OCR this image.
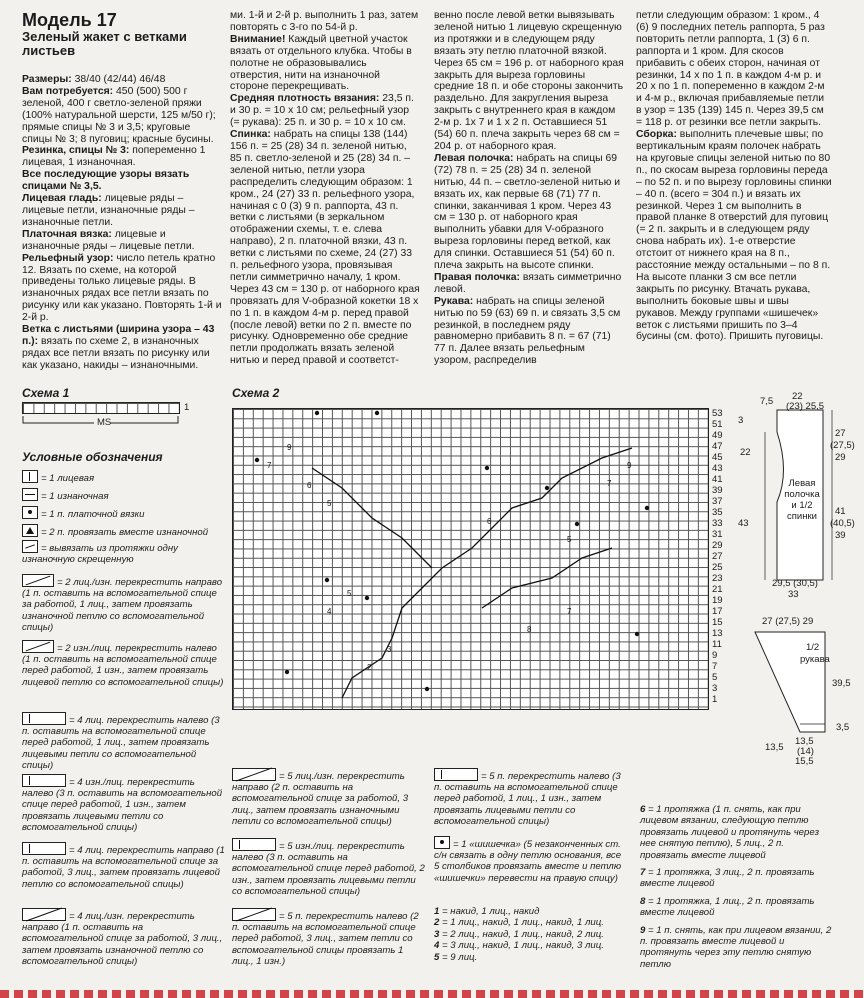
Модель 17
Зеленый жакет с ветками листьев

Размеры: 38/40 (42/44) 46/48

Вам потребуется: 450 (500) 500 г зеленой, 400 г светло-зеленой пряжи (100% натуральной шерсти, 125 м/50 г); прямые спицы № 3 и 3,5; круговые спицы № 3; 8 пуговиц; красные бусины.

Резинка, спицы № 3: попеременно 1 лицевая, 1 изнаночная.

Все последующие узоры вязать спицами № 3,5.

Лицевая гладь: лицевые ряды – лицевые петли, изнаночные ряды – изнаночные петли.

Платочная вязка: лицевые и изнаночные ряды – лицевые петли.

Рельефный узор: число петель кратно 12. Вязать по схеме, на которой приведены только лицевые ряды. В изнаночных рядах все петли вязать по рисунку или как указано. Повторять 1-й и 2-й р.

Ветка с листьями (ширина узора – 43 п.): вязать по схеме 2, в изнаночных рядах все петли вязать по рисунку или как указано, накиды – изнаночными.

ми. 1-й и 2-й р. выполнить 1 раз, затем повторять с 3-го по 54-й р.

Внимание! Каждый цветной участок вязать от отдельного клубка. Чтобы в полотне не образовывались отверстия, нити на изнаночной стороне перекрещивать.

Средняя плотность вязания: 23,5 п. и 30 р. = 10 x 10 см; рельефный узор (= рукава): 25 п. и 30 р. = 10 x 10 см.

Спинка: набрать на спицы 138 (144) 156 п. = 25 (28) 34 п. зеленой нитью, 85 п. светло-зеленой и 25 (28) 34 п. – зеленой нитью, петли узора распределить следующим образом: 1 кром., 24 (27) 33 п. рельефного узора, начиная с 0 (3) 9 п. раппорта, 43 п. ветки с листьями (в зеркальном отображении схемы, т. е. слева направо), 2 п. платочной вязки, 43 п. ветки с листьями по схеме, 24 (27) 33 п. рельефного узора, провязывая петли симметрично началу, 1 кром. Через 43 см = 130 р. от наборного края провязать для V-образной кокетки 18 x по 1 п. в каждом 4-м р. перед правой (после левой) ветки по 2 п. вместе по рисунку. Одновременно обе средние петли продолжать вязать зеленой нитью и перед правой и соответст-

венно после левой ветки вывязывать зеленой нитью 1 лицевую скрещенную из протяжки и в следующем ряду вязать эту петлю платочной вязкой. Через 65 см = 196 р. от наборного края закрыть для выреза горловины средние 18 п. и обе стороны закончить раздельно. Для закругления выреза закрыть с внутреннего края в каждом 2-м р. 1x 7 и 1 x 2 п. Оставшиеся 51 (54) 60 п. плеча закрыть через 68 см = 204 р. от наборного края.

Левая полочка: набрать на спицы 69 (72) 78 п. = 25 (28) 34 п. зеленой нитью, 44 п. – светло-зеленой нитью и вязать их, как первые 68 (71) 77 п. спинки, заканчивая 1 кром. Через 43 см = 130 р. от наборного края выполнить убавки для V-образного выреза горловины перед веткой, как для спинки. Оставшиеся 51 (54) 60 п. плеча закрыть на высоте спинки.

Правая полочка: вязать симметрично левой.

Рукава: набрать на спицы зеленой нитью по 59 (63) 69 п. и связать 3,5 см резинкой, в последнем ряду равномерно прибавить 8 п. = 67 (71) 77 п. Далее вязать рельефным узором, распределив

петли следующим образом: 1 кром., 4 (6) 9 последних петель раппорта, 5 раз повторить петли раппорта, 1 (3) 6 п. раппорта и 1 кром. Для скосов прибавить с обеих сторон, начиная от резинки, 14 x по 1 п. в каждом 4-м р. и 20 x по 1 п. попеременно в каждом 2-м и 4-м р., включая прибавляемые петли в узор = 135 (139) 145 п. Через 39,5 см = 118 р. от резинки все петли закрыть.

Сборка: выполнить плечевые швы; по вертикальным краям полочек набрать на круговые спицы зеленой нитью по 80 п., по скосам выреза горловины переда – по 52 п. и по вырезу горловины спинки – 40 п. (всего = 304 п.) и вязать их резинкой. Через 1 см выполнить в правой планке 8 отверстий для пуговиц (= 2 п. закрыть и в следующем ряду снова набрать их). 1-е отверстие отстоит от нижнего края на 8 п., расстояние между остальными – по 8 п. На высоте планки 3 см все петли закрыть по рисунку. Втачать рукава, выполнить боковые швы и швы рукавов. Между группами «шишечек» веток с листьями пришить по 3–4 бусины (см. фото). Пришить пуговицы.

Схема 1
1
MS
Условные обозначения
= 1 лицевая
= 1 изнаночная
= 1 п. платочной вязки
= 2 п. провязать вместе изнаночной
= вывязать из протяжки одну изнаночную скрещенную
= 2 лиц./изн. перекрестить направо (1 п. оставить на вспомогательной спице за работой, 1 лиц., затем провязать изнаночной петлю со вспомогательной спицы)
= 2 изн./лиц. перекрестить налево (1 п. оставить на вспомогательной спице перед работой, 1 изн., затем провязать лицевой петлю со вспомогательной спицы)
= 4 лиц. перекрестить налево (3 п. оставить на вспомогательной спице перед работой, 1 лиц., затем провязать лицевыми петли со вспомогательной спицы)
= 4 изн./лиц. перекрестить налево (3 п. оставить на вспомогательной спице перед работой, 1 изн., затем провязать лицевыми петли со вспомогательной спицы)
= 4 лиц. перекрестить направо (1 п. оставить на вспомогательной спице за работой, 3 лиц., затем провязать лицевой петлю со вспомогательной спицы)
= 4 лиц./изн. перекрестить направо (1 п. оставить на вспомогательной спице за работой, 3 лиц., затем провязать изнаночной петлю со вспомогательной спицы)
Схема 2
9
7
6
5
6
5
9
7
5
4
3
2
8
7
53
51
49
47
45
43
41
39
37
35
33
31
29
27
25
23
21
19
17
15
13
11
9
7
5
3
1
7,5 22
(23) 25,5
3
22
27
(27,5)
29
43
41
(40,5)
39
29,5 (30,5)
33
Левая полочка и 1/2 спинки
27 (27,5) 29
1/2
рукава
39,5
3,5
13,5
13,5
(14)
15,5
= 5 лиц./изн. перекрестить направо (2 п. оставить на вспомогательной спице за работой, 3 лиц., затем провязать изнаночными петли со вспомогательной спицы)
= 5 изн./лиц. перекрестить налево (3 п. оставить на вспомогательной спице перед работой, 2 изн., затем провязать лицевыми петли со вспомогательной спицы)
= 5 п. перекрестить налево (2 п. оставить на вспомогательной спице перед работой, 3 лиц., затем петли со вспомогательной спицы провязать 1 лиц., 1 изн.)
= 5 п. перекрестить налево (3 п. оставить на вспомогательной спице перед работой, 1 лиц., 1 изн., затем провязать лицевыми петли со вспомогательной спицы)
= 1 «шишечка» (5 незаконченных ст. с/н связать в одну петлю основания, все 5 столбиков провязать вместе и петлю «шишечки» перевести на правую спицу)
1 = накид, 1 лиц., накид
2 = 1 лиц., накид, 1 лиц., накид, 1 лиц.
3 = 2 лиц., накид, 1 лиц., накид, 2 лиц.
4 = 3 лиц., накид, 1 лиц., накид, 3 лиц.
5 = 9 лиц.
6 = 1 протяжка (1 п. снять, как при лицевом вязании, следующую петлю провязать лицевой и протянуть через нее снятую петлю), 5 лиц., 2 п. провязать вместе лицевой
7 = 1 протяжка, 3 лиц., 2 п. провязать вместе лицевой
8 = 1 протяжка, 1 лиц., 2 п. провязать вместе лицевой
9 = 1 п. снять, как при лицевом вязании, 2 п. провязать вместе лицевой и протянуть через эту петлю снятую петлю
